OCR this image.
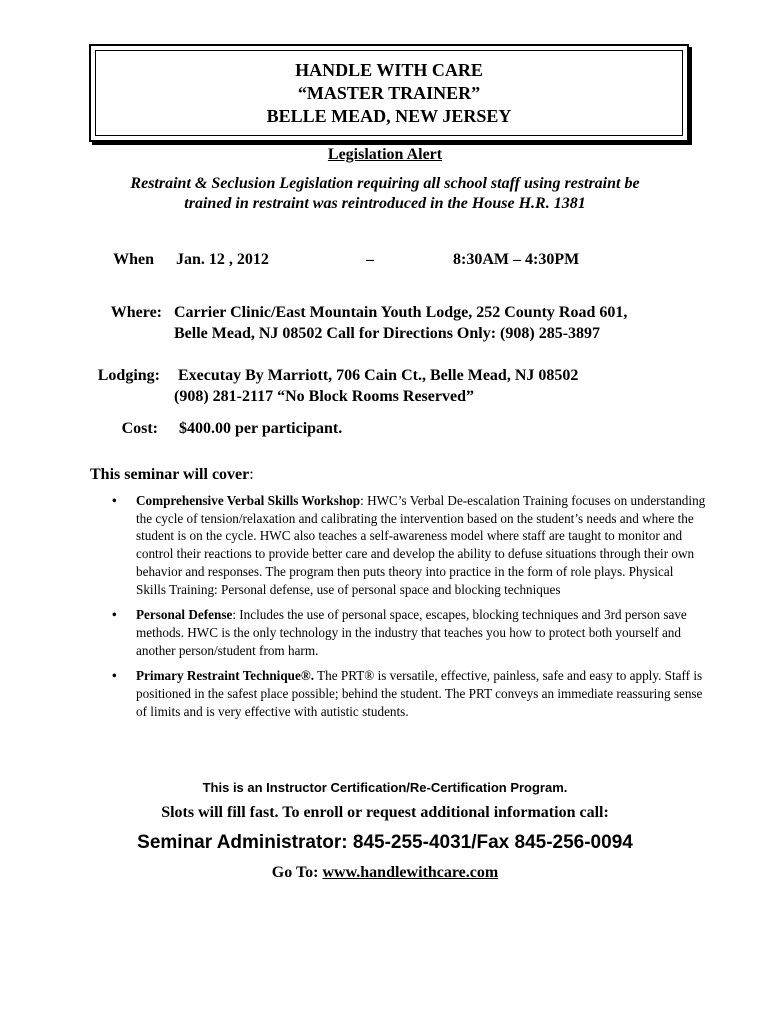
HANDLE WITH CARE
“MASTER TRAINER”
BELLE MEAD, NEW JERSEY
Legislation Alert
Restraint & Seclusion Legislation requiring all school staff using restraint be
trained in restraint was reintroduced in the House H.R. 1381
When Jan. 12 , 2012	–	8:30AM – 4:30PM
Where: Carrier Clinic/East Mountain Youth Lodge, 252 County Road 601,
Belle Mead, NJ 08502 Call for Directions Only: (908) 285-3897
Lodging: Executay By Marriott, 706 Cain Ct., Belle Mead, NJ 08502
(908) 281-2117 “No Block Rooms Reserved”
Cost: $400.00 per participant.
This seminar will cover:
• Comprehensive Verbal Skills Workshop: HWC’s Verbal De-escalation Training focuses on understanding the cycle of tension/relaxation and calibrating the intervention based on the student’s needs and where the student is on the cycle. HWC also teaches a self-awareness model where staff are taught to monitor and control their reactions to provide better care and develop the ability to defuse situations through their own behavior and responses. The program then puts theory into practice in the form of role plays. Physical Skills Training: Personal defense, use of personal space and blocking techniques
• Personal Defense: Includes the use of personal space, escapes, blocking techniques and 3rd person save methods. HWC is the only technology in the industry that teaches you how to protect both yourself and another person/student from harm.
• Primary Restraint Technique®. The PRT® is versatile, effective, painless, safe and easy to apply. Staff is positioned in the safest place possible; behind the student. The PRT conveys an immediate reassuring sense of limits and is very effective with autistic students.
This is an Instructor Certification/Re-Certification Program.
Slots will fill fast. To enroll or request additional information call:
Seminar Administrator: 845-255-4031/Fax 845-256-0094
Go To: www.handlewithcare.com
